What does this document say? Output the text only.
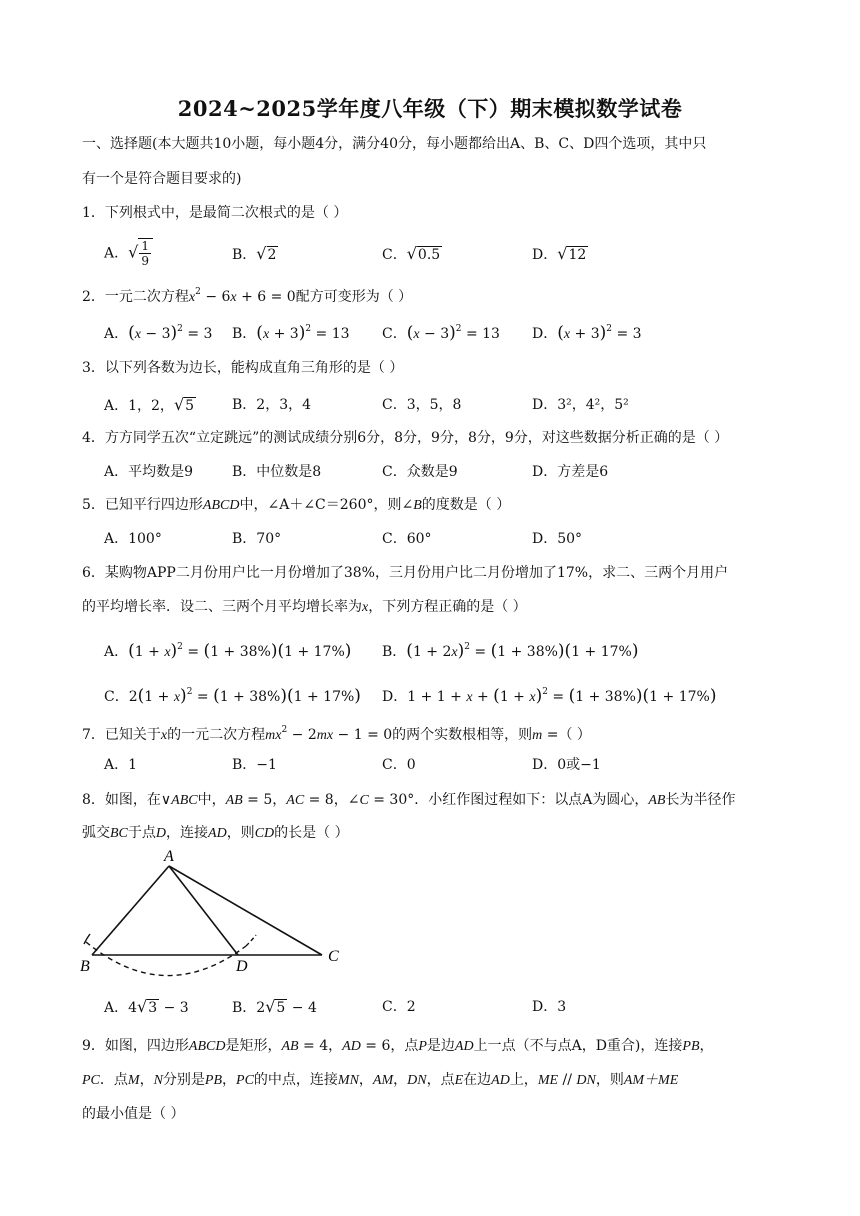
2024~2025学年度八年级（下）期末模拟数学试卷
一、选择题(本大题共10小题，每小题4分，满分40分，每小题都给出A、B、C、D四个选项，其中只
有一个是符合题目要求的)
1．下列根式中，是最简二次根式的是（ ）
A．√ $\frac{1}{9}$	B．√2	C．√0.5	D．√12
2．一元二次方程$x^2 - 6x + 6 = 0$配方可变形为（ ）
A．$(x - 3)^2 = 3$ B．$(x + 3)^2 = 13$ C．$(x - 3)^2 = 13$ D．$(x + 3)^2 = 3$
3．以下列各数为边长，能构成直角三角形的是（ ）
A．1，2，√5	B．2，3，4	C．3，5，8	D．3²，4²，5²
4．方方同学五次“立定跳远”的测试成绩分别6分，8分，9分，8分，9分，对这些数据分析正确的是（ ）
A．平均数是9	B．中位数是8	C．众数是9	D．方差是6
5．已知平行四边形ABCD中，∠A＋∠C＝260°，则∠B的度数是（ ）
A．100°	B．70°	C．60°	D．50°
6．某购物APP二月份用户比一月份增加了38%，三月份用户比二月份增加了17%，求二、三两个月用户
的平均增长率．设二、三两个月平均增长率为x，下列方程正确的是（ ）
A．$(1 + x)^2 = (1 + 38\%)(1 + 17\%)$ B．$(1 + 2x)^2 = (1 + 38\%)(1 + 17\%)$
C．$2(1 + x)^2 = (1 + 38\%)(1 + 17\%)$ D．$1 + 1 + x + (1 + x)^2 = (1 + 38\%)(1 + 17\%)$
7．已知关于x的一元二次方程$mx^2 - 2mx - 1 = 0$的两个实数根相等，则m =（ ）
A．1	B．−1	C．0	D．0或−1
8．如图，在∨ABC中，AB = 5，AC = 8，∠C = 30°．小红作图过程如下：以点A为圆心，AB长为半径作
弧交BC于点D，连接AD，则CD的长是（ ）
A
B	D
C
A．4√3 − 3	B．2√5 − 4	C．2	D．3
9．如图，四边形ABCD是矩形，AB = 4，AD = 6，点P是边AD上一点（不与点A，D重合)，连接PB，
PC．点M，N分别是PB，PC的中点，连接MN，AM，DN，点E在边AD上，ME // DN，则AM＋ME
的最小值是（ ）
